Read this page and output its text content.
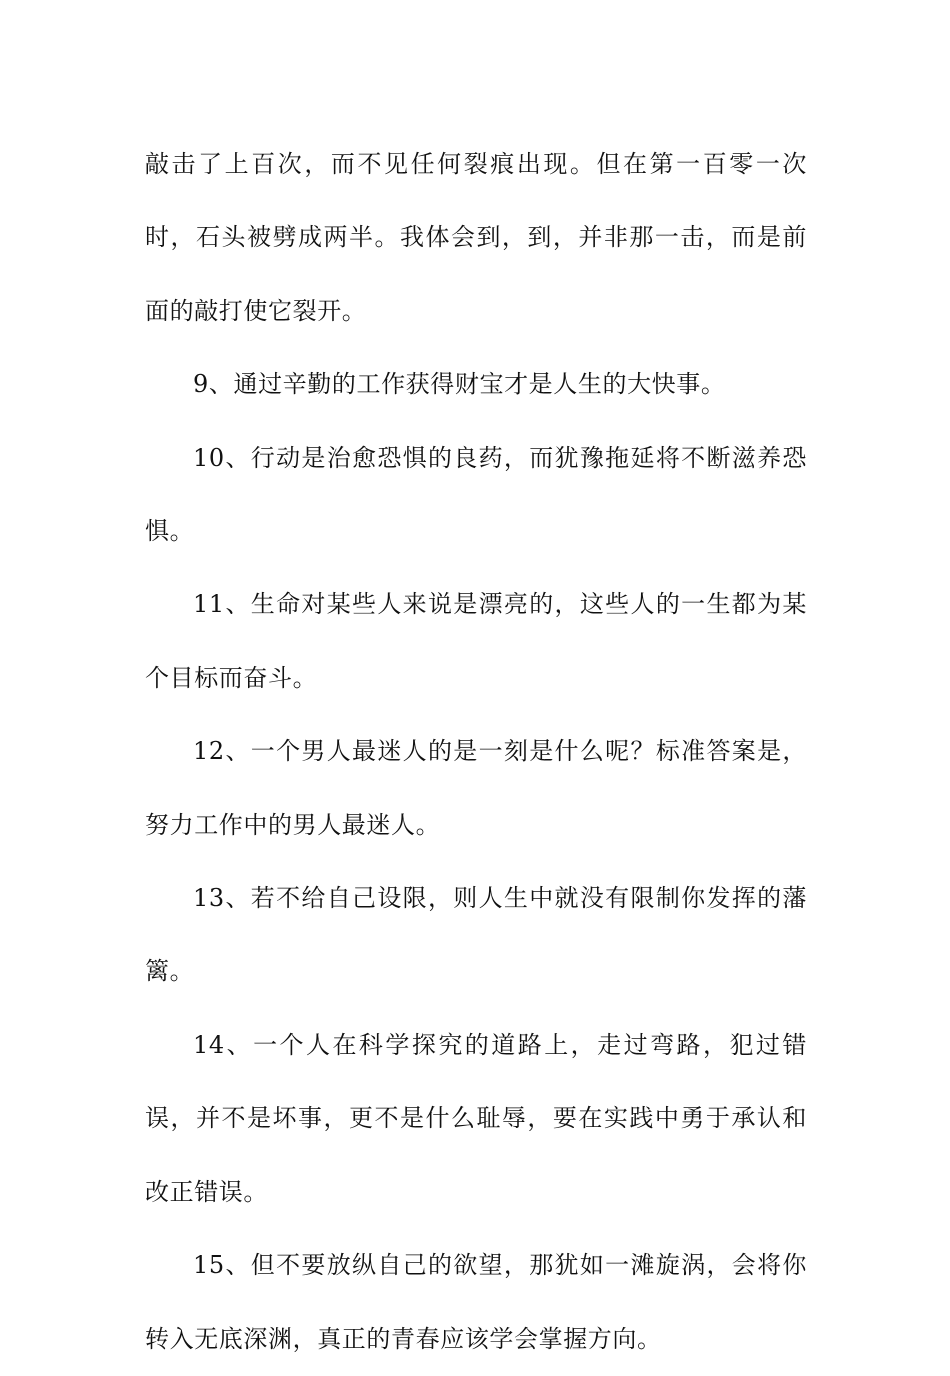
敲击了上百次，而不见任何裂痕出现。但在第一百零一次时，石头被劈成两半。我体会到，到，并非那一击，而是前面的敲打使它裂开。

9、通过辛勤的工作获得财宝才是人生的大快事。

10、行动是治愈恐惧的良药，而犹豫拖延将不断滋养恐惧。

11、生命对某些人来说是漂亮的，这些人的一生都为某个目标而奋斗。

12、一个男人最迷人的是一刻是什么呢？标准答案是，努力工作中的男人最迷人。

13、若不给自己设限，则人生中就没有限制你发挥的藩篱。

14、一个人在科学探究的道路上，走过弯路，犯过错误，并不是坏事，更不是什么耻辱，要在实践中勇于承认和改正错误。

15、但不要放纵自己的欲望，那犹如一滩旋涡，会将你转入无底深渊，真正的青春应该学会掌握方向。
